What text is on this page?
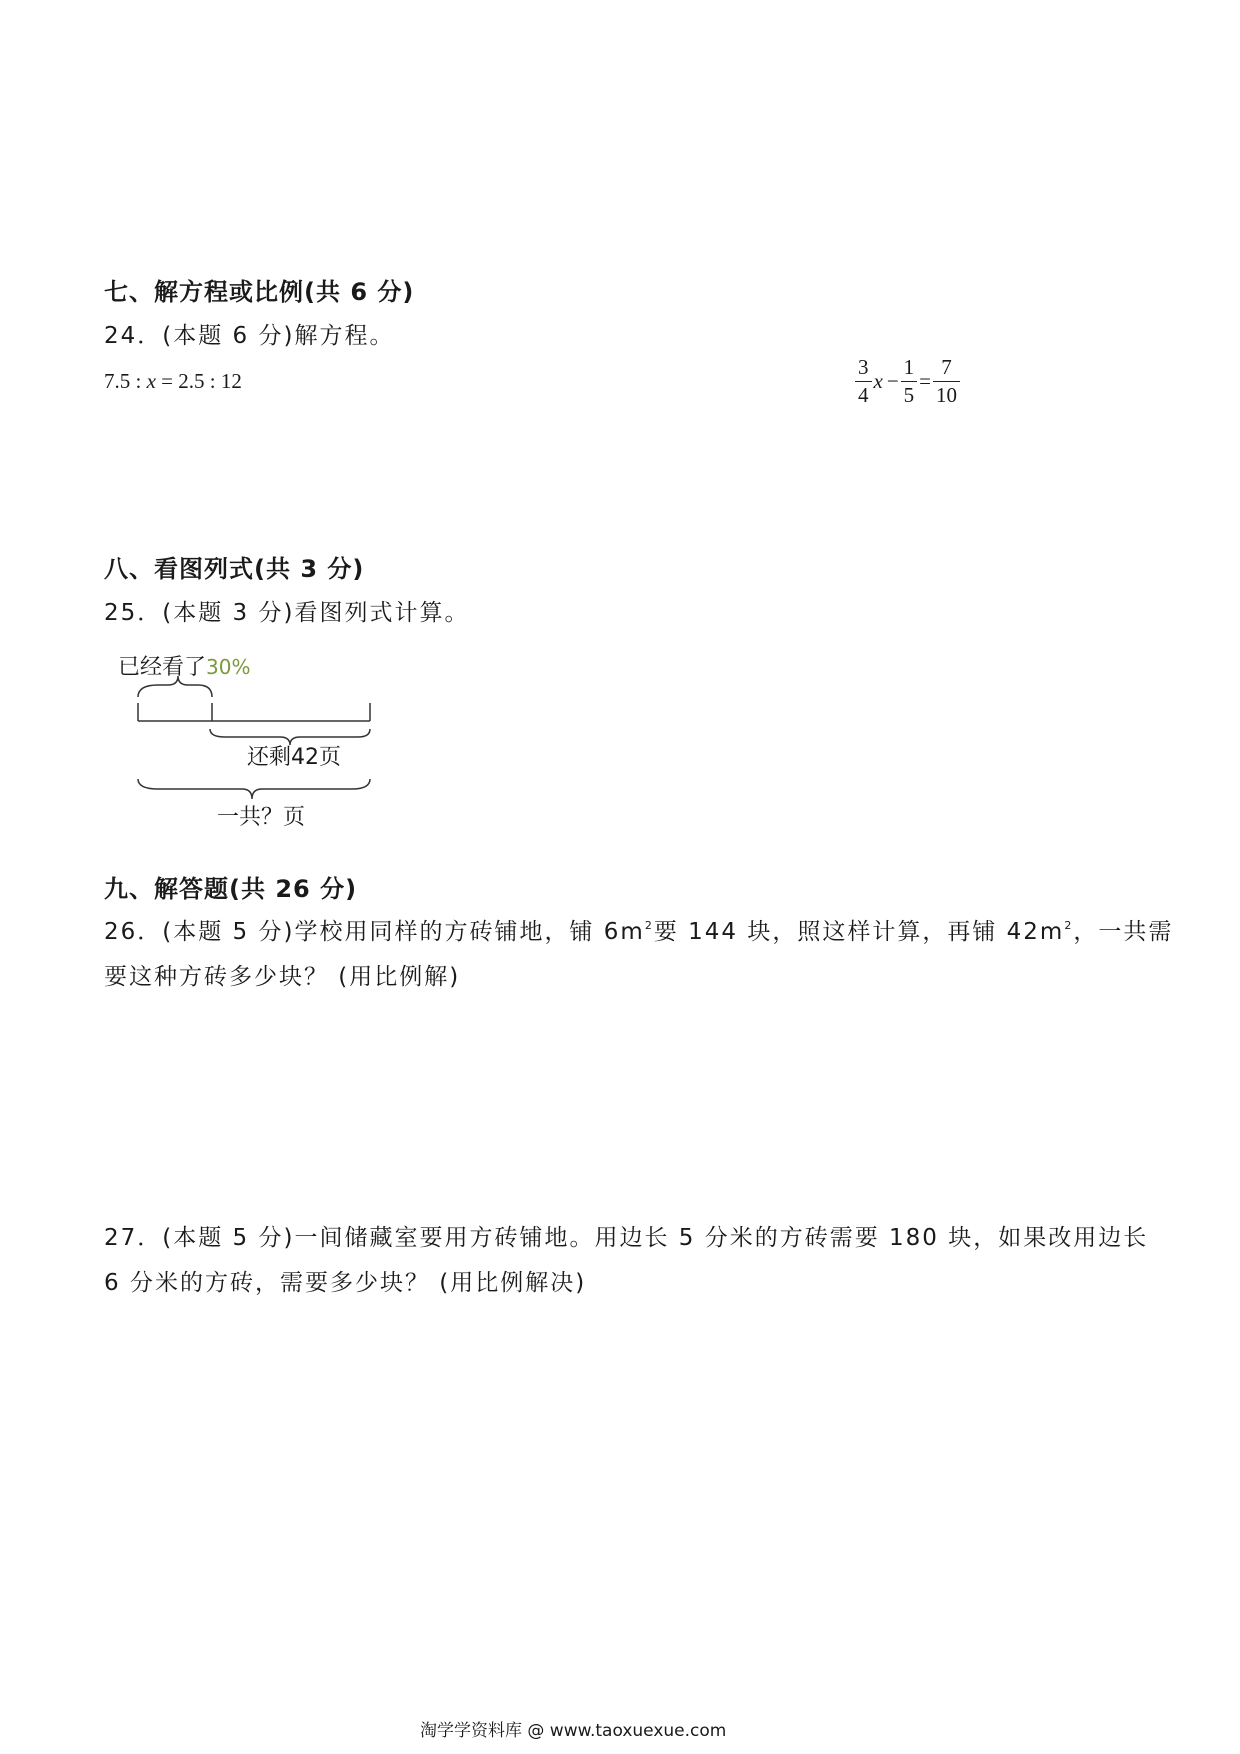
七、解方程或比例(共 6 分)
24．(本题 6 分)解方程。
7.5 : x = 2.5 : 12	$\frac{3}{4}$ $x - \frac{1}{5} = \frac{7}{10}$
八、看图列式(共 3 分)
25．(本题 3 分)看图列式计算。
已经看了30%
还剩42页
一共？页
九、解答题(共 26 分)
26．(本题 5 分)学校用同样的方砖铺地，铺 $6m^2$要 144 块，照这样计算，再铺 $42m^2$，一共需
要这种方砖多少块？ (用比例解)
27．(本题 5 分)一间储藏室要用方砖铺地。用边长 5 分米的方砖需要 180 块，如果改用边长
6 分米的方砖，需要多少块？ (用比例解决)
淘学学资料库 @ www.taoxuexue.com
